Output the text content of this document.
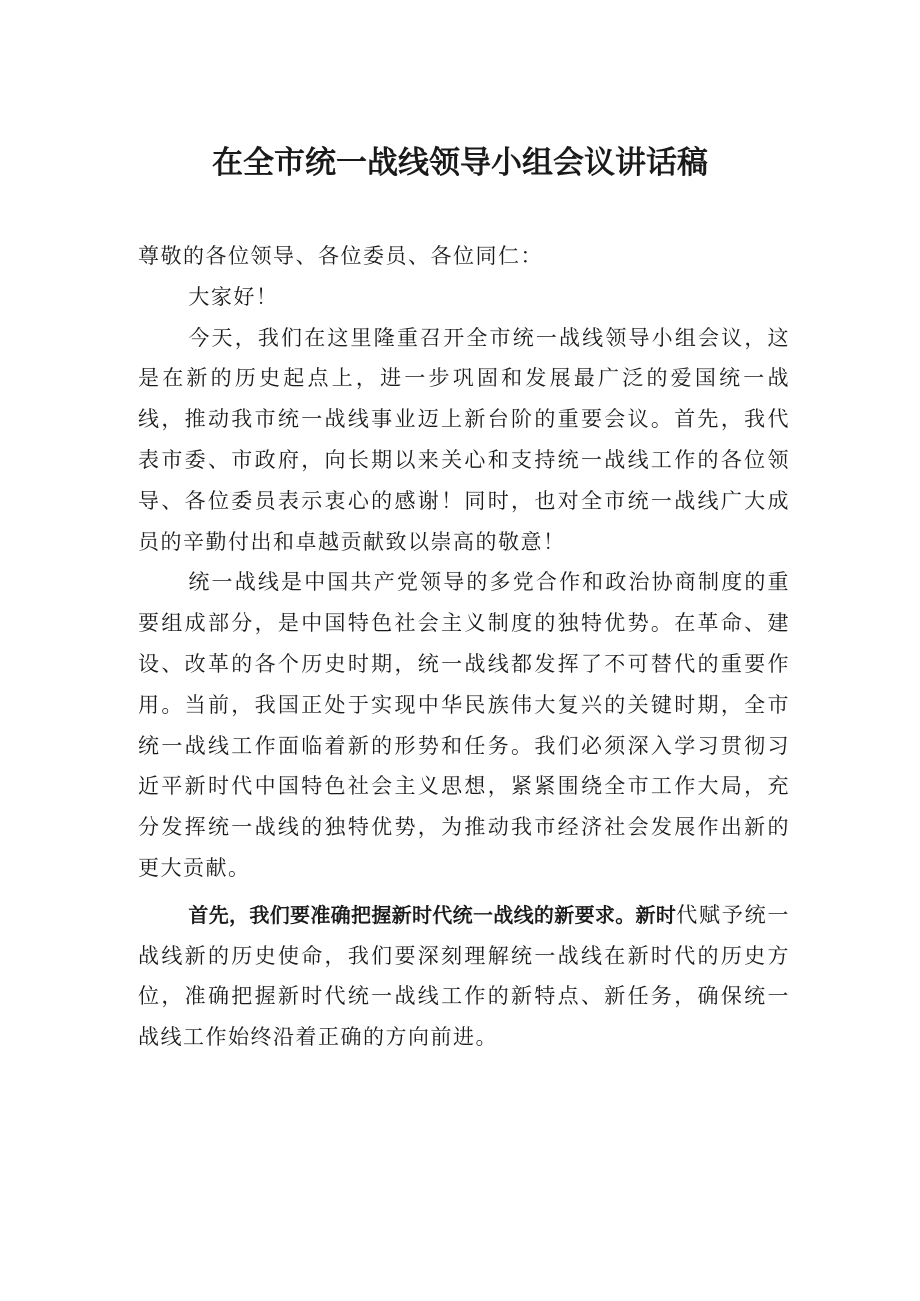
在全市统一战线领导小组会议讲话稿

尊敬的各位领导、各位委员、各位同仁：

大家好！

今天，我们在这里隆重召开全市统一战线领导小组会议，这是在新的历史起点上，进一步巩固和发展最广泛的爱国统一战线，推动我市统一战线事业迈上新台阶的重要会议。首先，我代表市委、市政府，向长期以来关心和支持统一战线工作的各位领导、各位委员表示衷心的感谢！同时，也对全市统一战线广大成员的辛勤付出和卓越贡献致以崇高的敬意！

统一战线是中国共产党领导的多党合作和政治协商制度的重要组成部分，是中国特色社会主义制度的独特优势。在革命、建设、改革的各个历史时期，统一战线都发挥了不可替代的重要作用。当前，我国正处于实现中华民族伟大复兴的关键时期，全市统一战线工作面临着新的形势和任务。我们必须深入学习贯彻习近平新时代中国特色社会主义思想，紧紧围绕全市工作大局，充分发挥统一战线的独特优势，为推动我市经济社会发展作出新的更大贡献。

首先，我们要准确把握新时代统一战线的新要求。新时代赋予统一战线新的历史使命，我们要深刻理解统一战线在新时代的历史方位，准确把握新时代统一战线工作的新特点、新任务，确保统一战线工作始终沿着正确的方向前进。
